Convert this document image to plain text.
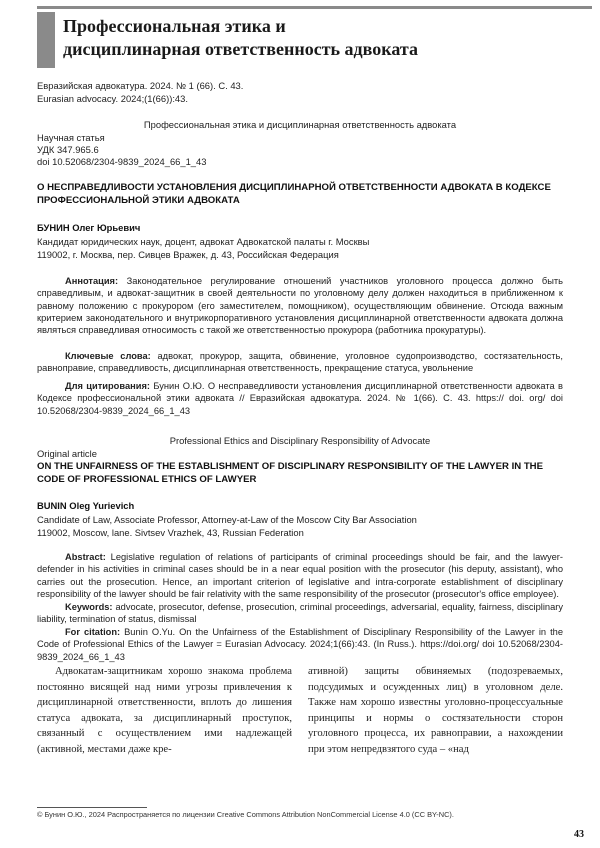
Профессиональная этика и
дисциплинарная ответственность адвоката
Евразийская адвокатура. 2024. № 1 (66). С. 43.
Eurasian advocacy. 2024;(1(66)):43.
Профессиональная этика и дисциплинарная ответственность адвоката
Научная статья
УДК 347.965.6
doi 10.52068/2304-9839_2024_66_1_43
О НЕСПРАВЕДЛИВОСТИ УСТАНОВЛЕНИЯ ДИСЦИПЛИНАРНОЙ ОТВЕТСТВЕННОСТИ АДВОКАТА В КОДЕКСЕ ПРОФЕССИОНАЛЬНОЙ ЭТИКИ АДВОКАТА
БУНИН Олег Юрьевич
Кандидат юридических наук, доцент, адвокат Адвокатской палаты г. Москвы
119002, г. Москва, пер. Сивцев Вражек, д. 43, Российская Федерация
Аннотация: Законодательное регулирование отношений участников уголовного процесса должно быть справедливым, и адвокат-защитник в своей деятельности по уголовному делу должен находиться в приближенном к равному положению с прокурором (его заместителем, помощником), осуществляющим обвинение. Отсюда важным критерием законодательного и внутрикорпоративного установления дисциплинарной ответственности адвоката должна являться справедливая относимость с такой же ответственностью прокурора (работника прокуратуры).
Ключевые слова: адвокат, прокурор, защита, обвинение, уголовное судопроизводство, состязательность, равноправие, справедливость, дисциплинарная ответственность, прекращение статуса, увольнение
Для цитирования: Бунин О.Ю. О несправедливости установления дисциплинарной ответственности адвоката в Кодексе профессиональной этики адвоката // Евразийская адвокатура. 2024. № 1(66). С. 43. https:// doi. org/ doi 10.52068/2304-9839_2024_66_1_43
Professional Ethics and Disciplinary Responsibility of Advocate
Original article
ON THE UNFAIRNESS OF THE ESTABLISHMENT OF DISCIPLINARY RESPONSIBILITY OF THE LAWYER IN THE CODE OF PROFESSIONAL ETHICS OF LAWYER
BUNIN Oleg Yurievich
Candidate of Law, Associate Professor, Attorney-at-Law of the Moscow City Bar Association
119002, Moscow, lane. Sivtsev Vrazhek, 43, Russian Federation
Abstract: Legislative regulation of relations of participants of criminal proceedings should be fair, and the lawyer-defender in his activities in criminal cases should be in a near equal position with the prosecutor (his deputy, assistant), who carries out the prosecution. Hence, an important criterion of legislative and intra-corporate establishment of disciplinary responsibility of the lawyer should be fair relativity with the same responsibility of the prosecutor (prosecutor's office employee).
Keywords: advocate, prosecutor, defense, prosecution, criminal proceedings, adversarial, equality, fairness, disciplinary liability, termination of status, dismissal
For citation: Bunin O.Yu. On the Unfairness of the Establishment of Disciplinary Responsibility of the Lawyer in the Code of Professional Ethics of the Lawyer = Eurasian Advocacy. 2024;1(66):43. (In Russ.). https://doi.org/ doi 10.52068/2304-9839_2024_66_1_43
Адвокатам-защитникам хорошо знакома проблема постоянно висящей над ними угрозы привлечения к дисциплинарной ответственности, вплоть до лишения статуса адвоката, за дисциплинарный проступок, связанный с осуществлением ими надлежащей (активной, местами даже кре-
ативной) защиты обвиняемых (подозреваемых, подсудимых и осужденных лиц) в уголовном деле. Также нам хорошо известны уголовно-процессуальные принципы и нормы о состязательности сторон уголовного процесса, их равноправии, а нахождении при этом непредвзятого суда – «над
© Бунин О.Ю., 2024 Распространяется по лицензии Creative Commons Attribution NonCommercial License 4.0 (CC BY-NC).
43
